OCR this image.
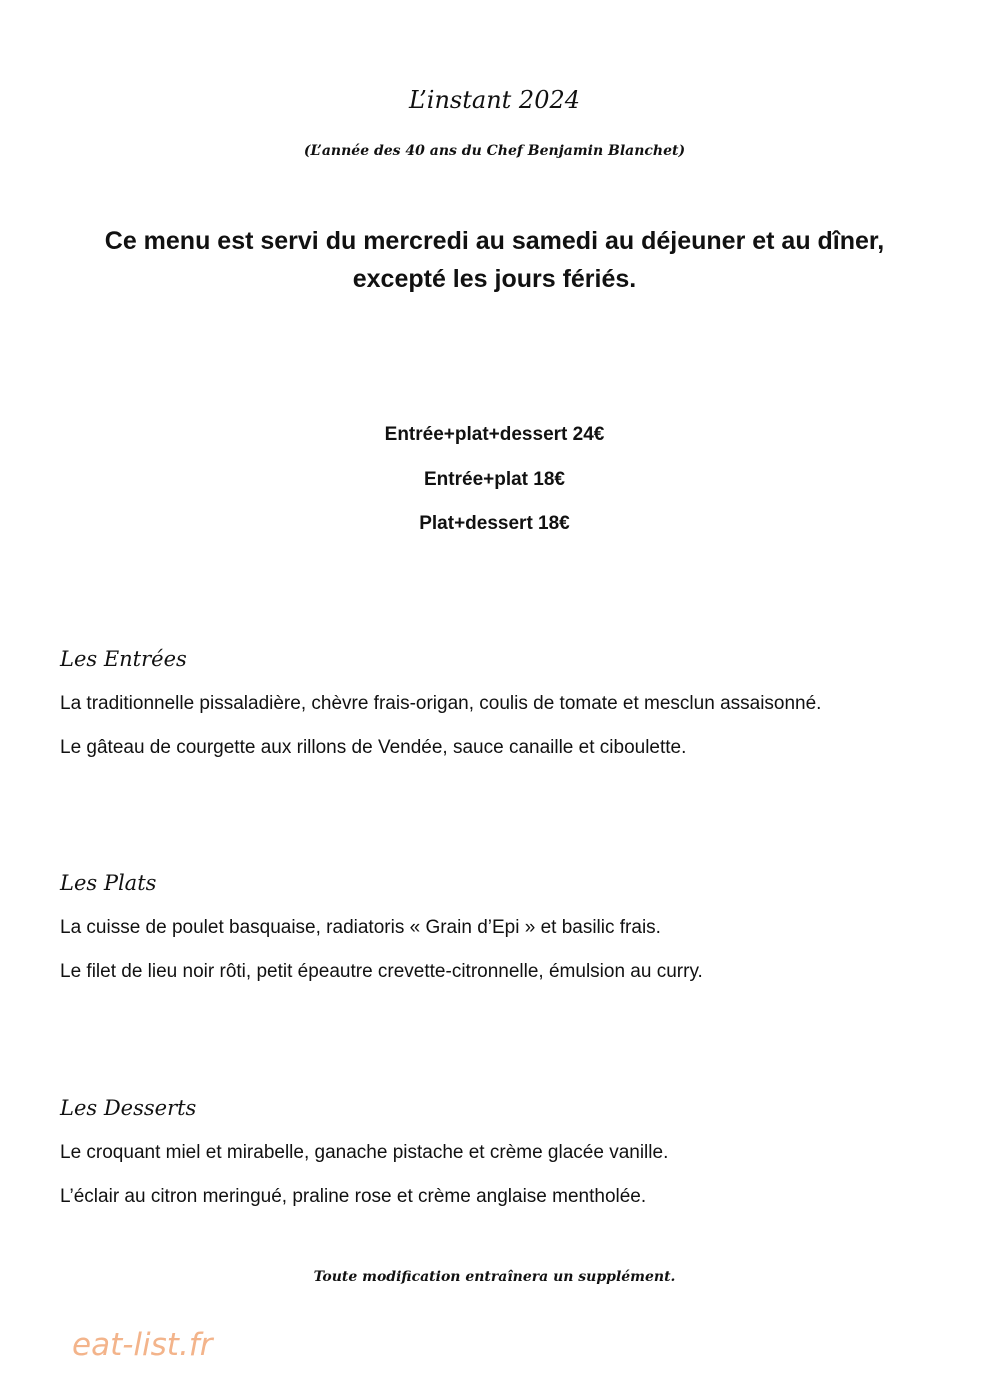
L’instant 2024
(L’année des 40 ans du Chef Benjamin Blanchet)
Ce menu est servi du mercredi au samedi au déjeuner et au dîner,
excepté les jours fériés.
Entrée+plat+dessert 24€
Entrée+plat 18€
Plat+dessert 18€
Les Entrées
La traditionnelle pissaladière, chèvre frais-origan, coulis de tomate et mesclun assaisonné.
Le gâteau de courgette aux rillons de Vendée, sauce canaille et ciboulette.
Les Plats
La cuisse de poulet basquaise, radiatoris « Grain d’Epi » et basilic frais.
Le filet de lieu noir rôti, petit épeautre crevette-citronnelle, émulsion au curry.
Les Desserts
Le croquant miel et mirabelle, ganache pistache et crème glacée vanille.
L’éclair au citron meringué, praline rose et crème anglaise mentholée.
Toute modification entraînera un supplément.
eat-list.fr
